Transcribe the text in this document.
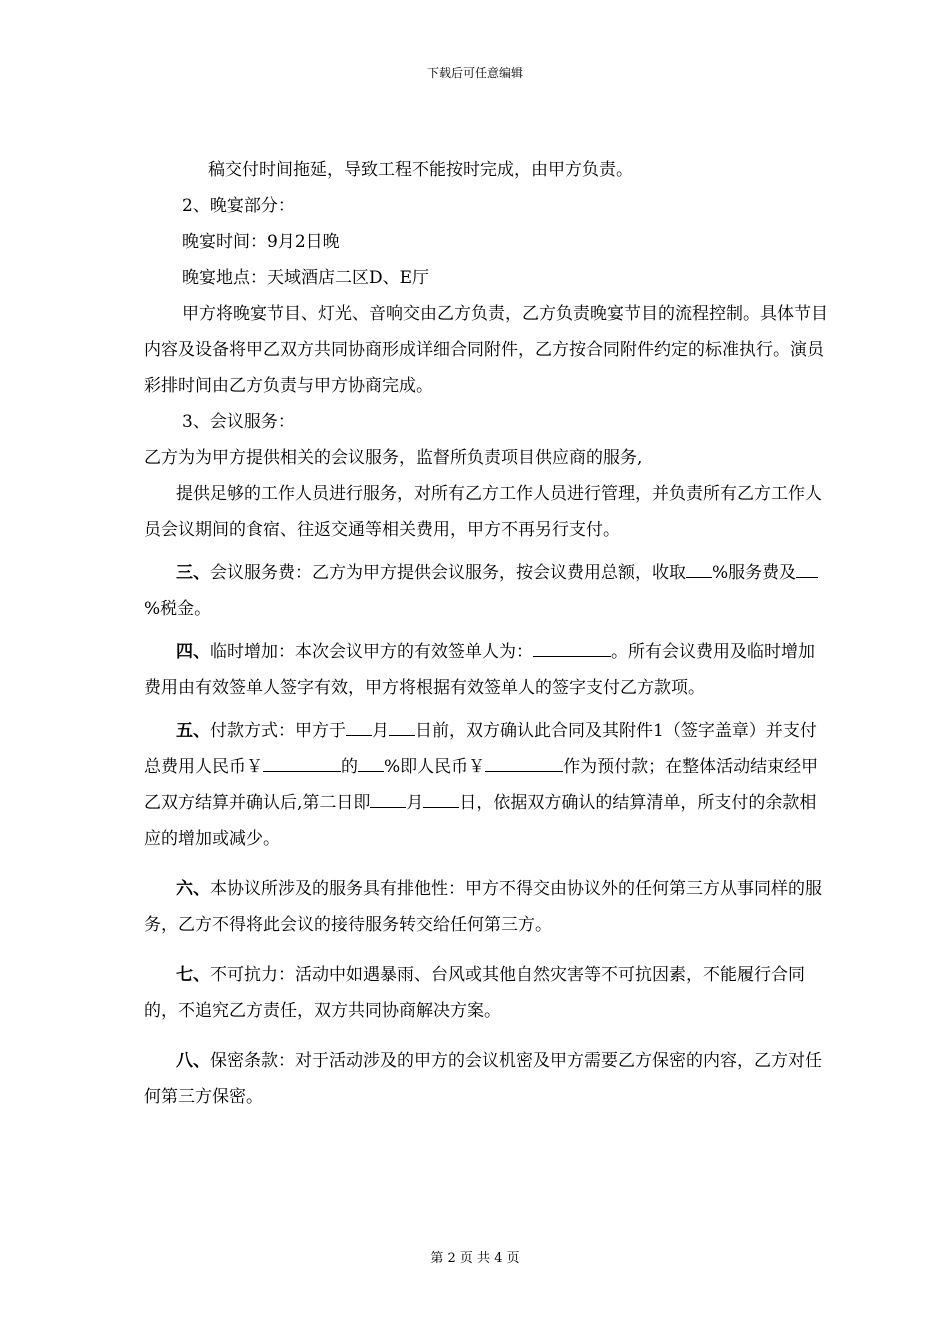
下载后可任意编辑

稿交付时间拖延，导致工程不能按时完成，由甲方负责。

2、晚宴部分：

晚宴时间：9月2日晚

晚宴地点：天域酒店二区D、E厅

甲方将晚宴节目、灯光、音响交由乙方负责，乙方负责晚宴节目的流程控制。具体节目内容及设备将甲乙双方共同协商形成详细合同附件，乙方按合同附件约定的标准执行。演员彩排时间由乙方负责与甲方协商完成。

3、会议服务：

乙方为为甲方提供相关的会议服务，监督所负责项目供应商的服务,

提供足够的工作人员进行服务，对所有乙方工作人员进行管理，并负责所有乙方工作人员会议期间的食宿、往返交通等相关费用，甲方不再另行支付。

三、会议服务费：乙方为甲方提供会议服务，按会议费用总额，收取 %服务费及%税金。

四、临时增加：本次会议甲方的有效签单人为：	。所有会议费用及临时增加费用由有效签单人签字有效，甲方将根据有效签单人的签字支付乙方款项。

五、付款方式：甲方于 月 日前，双方确认此合同及其附件1（签字盖章）并支付总费用人民币￥	的 %即人民币￥	作为预付款；在整体活动结束经甲乙双方结算并确认后,第二日即 月 日，依据双方确认的结算清单，所支付的余款相应的增加或减少。

六、本协议所涉及的服务具有排他性：甲方不得交由协议外的任何第三方从事同样的服务，乙方不得将此会议的接待服务转交给任何第三方。

七、不可抗力：活动中如遇暴雨、台风或其他自然灾害等不可抗因素，不能履行合同的，不追究乙方责任，双方共同协商解决方案。

八、保密条款：对于活动涉及的甲方的会议机密及甲方需要乙方保密的内容，乙方对任何第三方保密。

第 2 页 共 4 页
